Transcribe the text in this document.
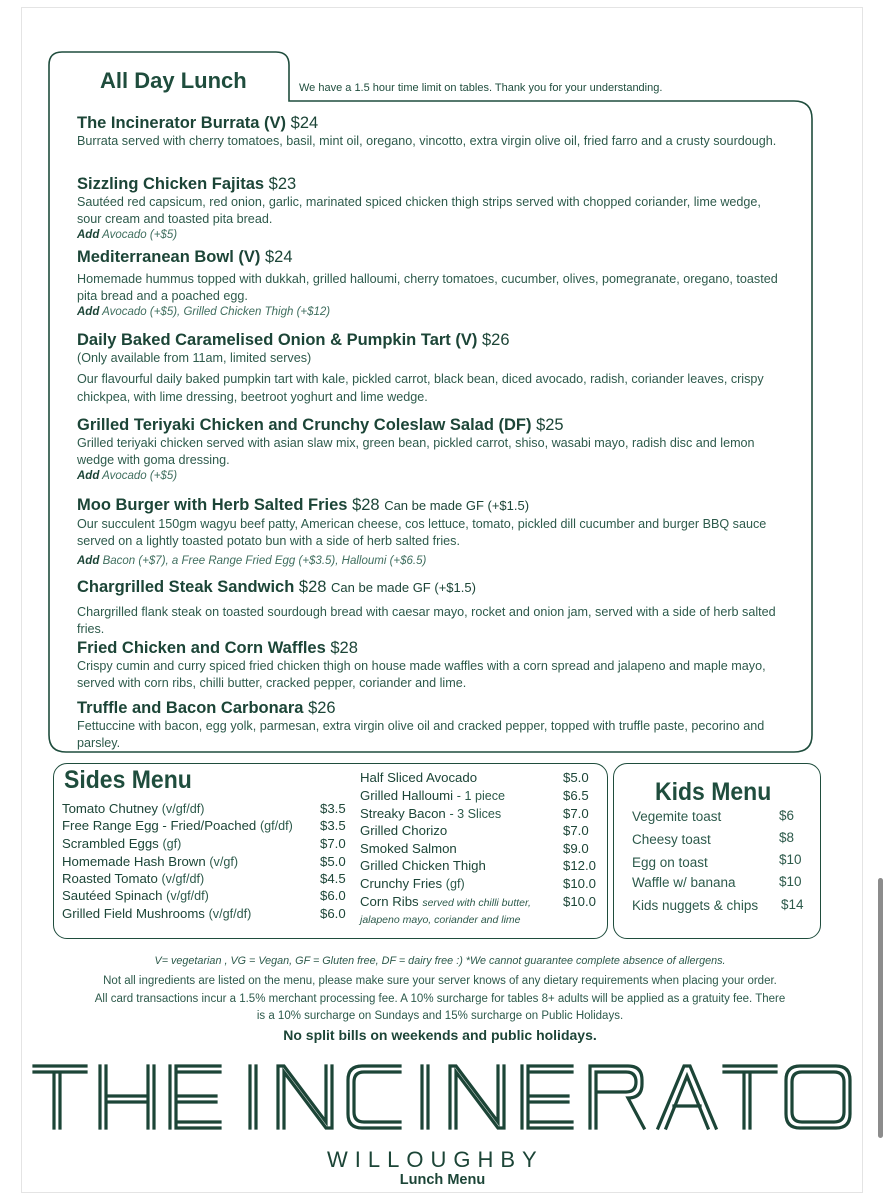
All Day Lunch	We have a 1.5 hour time limit on tables. Thank you for your understanding.
The Incinerator Burrata (V) $24
Burrata served with cherry tomatoes, basil, mint oil, oregano, vincotto, extra virgin olive oil, fried farro and a crusty sourdough.
Sizzling Chicken Fajitas $23
Sautéed red capsicum, red onion, garlic, marinated spiced chicken thigh strips served with chopped coriander, lime wedge, sour cream and toasted pita bread.
Add Avocado (+$5)
Mediterranean Bowl (V) $24
Homemade hummus topped with dukkah, grilled halloumi, cherry tomatoes, cucumber, olives, pomegranate, oregano, toasted pita bread and a poached egg.
Add Avocado (+$5), Grilled Chicken Thigh (+$12)
Daily Baked Caramelised Onion & Pumpkin Tart (V) $26
(Only available from 11am, limited serves)
Our flavourful daily baked pumpkin tart with kale, pickled carrot, black bean, diced avocado, radish, coriander leaves, crispy chickpea, with lime dressing, beetroot yoghurt and lime wedge.
Grilled Teriyaki Chicken and Crunchy Coleslaw Salad (DF) $25
Grilled teriyaki chicken served with asian slaw mix, green bean, pickled carrot, shiso, wasabi mayo, radish disc and lemon wedge with goma dressing.
Add Avocado (+$5)
Moo Burger with Herb Salted Fries $28 Can be made GF (+$1.5)
Our succulent 150gm wagyu beef patty, American cheese, cos lettuce, tomato, pickled dill cucumber and burger BBQ sauce served on a lightly toasted potato bun with a side of herb salted fries.
Add Bacon (+$7), a Free Range Fried Egg (+$3.5), Halloumi (+$6.5)
Chargrilled Steak Sandwich $28 Can be made GF (+$1.5)
Chargrilled flank steak on toasted sourdough bread with caesar mayo, rocket and onion jam, served with a side of herb salted fries.
Fried Chicken and Corn Waffles $28
Crispy cumin and curry spiced fried chicken thigh on house made waffles with a corn spread and jalapeno and maple mayo, served with corn ribs, chilli butter, cracked pepper, coriander and lime.
Truffle and Bacon Carbonara $26
Fettuccine with bacon, egg yolk, parmesan, extra virgin olive oil and cracked pepper, topped with truffle paste, pecorino and parsley.
Sides Menu
Tomato Chutney (v/gf/df)	$3.5
Free Range Egg - Fried/Poached (gf/df) $3.5
Scrambled Eggs (gf)	$7.0
Homemade Hash Brown (v/gf)	$5.0
Roasted Tomato (v/gf/df)	$4.5
Sautéed Spinach (v/gf/df)	$6.0
Grilled Field Mushrooms (v/gf/df)	$6.0
Half Sliced Avocado	$5.0
Grilled Halloumi - 1 piece	$6.5
Streaky Bacon - 3 Slices	$7.0
Grilled Chorizo	$7.0
Smoked Salmon	$9.0
Grilled Chicken Thigh	$12.0
Crunchy Fries (gf)	$10.0
Corn Ribs served with chilli butter,
jalapeno mayo, coriander and lime
$10.0
Kids Menu
Vegemite toast	$6
Cheesy toast	$8
Egg on toast	$10
Waffle w/ banana	$10
Kids nuggets & chips $14
V= vegetarian , VG = Vegan, GF = Gluten free, DF = dairy free :) *We cannot guarantee complete absence of allergens.
Not all ingredients are listed on the menu, please make sure your server knows of any dietary requirements when placing your order.
All card transactions incur a 1.5% merchant processing fee. A 10% surcharge for tables 8+ adults will be applied as a gratuity fee. There
is a 10% surcharge on Sundays and 15% surcharge on Public Holidays.
No split bills on weekends and public holidays.
WILLOUGHBY
Lunch Menu
